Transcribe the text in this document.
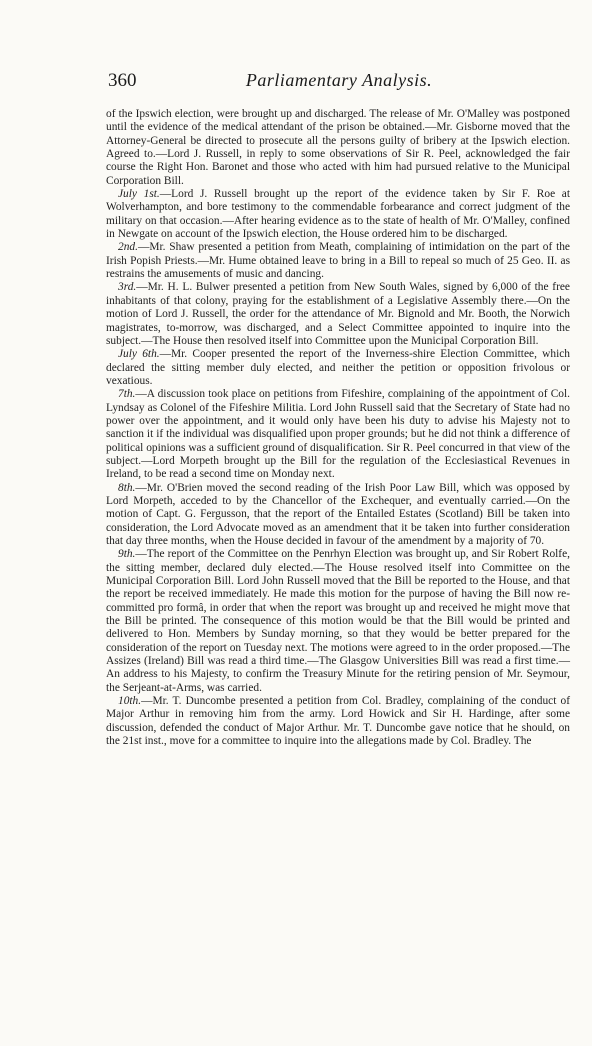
360	Parliamentary Analysis.

of the Ipswich election, were brought up and discharged. The release of Mr. O'Malley was postponed until the evidence of the medical attendant of the prison be obtained.—Mr. Gisborne moved that the Attorney-General be directed to prosecute all the persons guilty of bribery at the Ipswich election. Agreed to.—Lord J. Russell, in reply to some observations of Sir R. Peel, acknowledged the fair course the Right Hon. Baronet and those who acted with him had pursued relative to the Municipal Corporation Bill.

July 1st.—Lord J. Russell brought up the report of the evidence taken by Sir F. Roe at Wolverhampton, and bore testimony to the commendable forbearance and correct judgment of the military on that occasion.—After hearing evidence as to the state of health of Mr. O'Malley, confined in Newgate on account of the Ipswich election, the House ordered him to be discharged.

2nd.—Mr. Shaw presented a petition from Meath, complaining of intimidation on the part of the Irish Popish Priests.—Mr. Hume obtained leave to bring in a Bill to repeal so much of 25 Geo. II. as restrains the amusements of music and dancing.

3rd.—Mr. H. L. Bulwer presented a petition from New South Wales, signed by 6,000 of the free inhabitants of that colony, praying for the establishment of a Legislative Assembly there.—On the motion of Lord J. Russell, the order for the attendance of Mr. Bignold and Mr. Booth, the Norwich magistrates, to-morrow, was discharged, and a Select Committee appointed to inquire into the subject.—The House then resolved itself into Committee upon the Municipal Corporation Bill.

July 6th.—Mr. Cooper presented the report of the Inverness-shire Election Committee, which declared the sitting member duly elected, and neither the petition or opposition frivolous or vexatious.

7th.—A discussion took place on petitions from Fifeshire, complaining of the appointment of Col. Lyndsay as Colonel of the Fifeshire Militia. Lord John Russell said that the Secretary of State had no power over the appointment, and it would only have been his duty to advise his Majesty not to sanction it if the individual was disqualified upon proper grounds; but he did not think a difference of political opinions was a sufficient ground of disqualification. Sir R. Peel concurred in that view of the subject.—Lord Morpeth brought up the Bill for the regulation of the Ecclesiastical Revenues in Ireland, to be read a second time on Monday next.

8th.—Mr. O'Brien moved the second reading of the Irish Poor Law Bill, which was opposed by Lord Morpeth, acceded to by the Chancellor of the Exchequer, and eventually carried.—On the motion of Capt. G. Fergusson, that the report of the Entailed Estates (Scotland) Bill be taken into consideration, the Lord Advocate moved as an amendment that it be taken into further consideration that day three months, when the House decided in favour of the amendment by a majority of 70.

9th.—The report of the Committee on the Penrhyn Election was brought up, and Sir Robert Rolfe, the sitting member, declared duly elected.—The House resolved itself into Committee on the Municipal Corporation Bill. Lord John Russell moved that the Bill be reported to the House, and that the report be received immediately. He made this motion for the purpose of having the Bill now re-committed pro formâ, in order that when the report was brought up and received he might move that the Bill be printed. The consequence of this motion would be that the Bill would be printed and delivered to Hon. Members by Sunday morning, so that they would be better prepared for the consideration of the report on Tuesday next. The motions were agreed to in the order proposed.—The Assizes (Ireland) Bill was read a third time.—The Glasgow Universities Bill was read a first time.—An address to his Majesty, to confirm the Treasury Minute for the retiring pension of Mr. Seymour, the Serjeant-at-Arms, was carried.

10th.—Mr. T. Duncombe presented a petition from Col. Bradley, complaining of the conduct of Major Arthur in removing him from the army. Lord Howick and Sir H. Hardinge, after some discussion, defended the conduct of Major Arthur. Mr. T. Duncombe gave notice that he should, on the 21st inst., move for a committee to inquire into the allegations made by Col. Bradley. The
